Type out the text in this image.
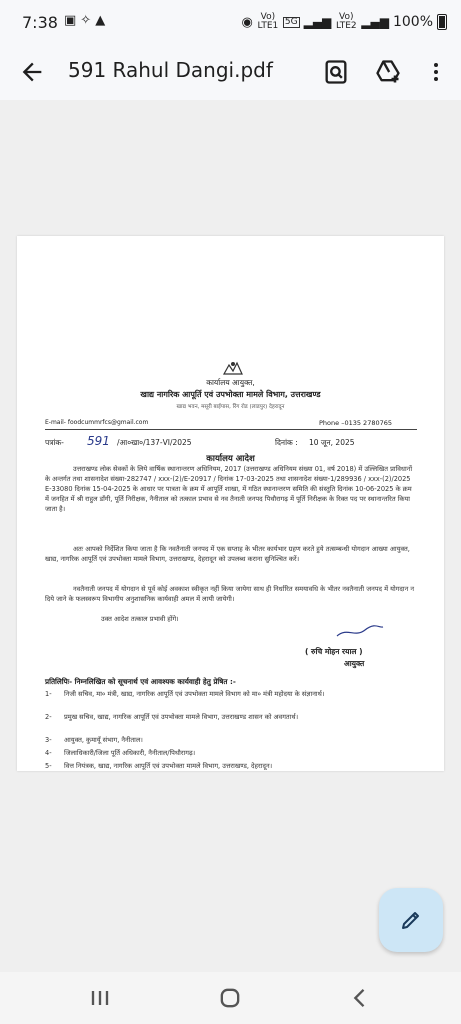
7:38 ▣✧▲	◉ Vo) LTE1 5G ▂▄▆ Vo) LTE2 ▂▄▆ 100%
591 Rahul Dangi.pdf
कार्यालय आयुक्त,
खाद्य नागरिक आपूर्ति एवं उपभोक्ता मामले विभाग, उत्तराखण्ड
खाद्य भवन, मसूरी बाईपास, रिंग रोड (लाडपुर) देहरादून
E-mail- foodcummrfcs@gmail.com	Phone –0135 2780765
पत्रांक- 591 /आ०खा०/137-VI/2025	दिनांक : 10 जून, 2025
कार्यालय आदेश
उत्तराखण्ड लोक सेवकों के लिये वार्षिक स्थानान्तरण अधिनियम, 2017 (उत्तराखण्ड अधिनियम संख्या 01, वर्ष 2018) में उल्लिखित प्राविधानों के अन्तर्गत तथा शासनादेश संख्या-282747 / xxx-(2)/E-20917 / दिनांक 17-03-2025 तथा शासनादेश संख्या-1/289936 / xxx-(2)/2025 E-33080 दिनांक 15-04-2025 के आधार पर पात्रता के क्रम में आपूर्ति शाखा, में गठित स्थानान्तरण समिति की संस्तुति दिनांक 10-06-2025 के क्रम में जनहित में श्री राहुल डाँगी, पूर्ति निरीक्षक, नैनीताल को तत्काल प्रभाव से नव तैनाती जनपद पिथौरागढ़ में पूर्ति निरीक्षक के रिक्त पद पर स्थानान्तरित किया जाता है।
अतः आपको निर्देशित किया जाता है कि नवतैनाती जनपद में एक सप्ताह के भीतर कार्यभार ग्रहण करते हुये तत्सम्बन्धी योगदान आख्या आयुक्त, खाद्य, नागरिक आपूर्ति एवं उपभोक्ता मामले विभाग, उत्तराखण्ड, देहरादून को उपलब्ध कराना सुनिश्चित करें।
नवतैनाती जनपद में योगदान से पूर्व कोई अवकाश स्वीकृत नहीं किया जायेगा साथ ही निर्धारित समयावधि के भीतर नवतैनाती जनपद में योगदान न दिये जाने के फलस्वरूप विभागीय अनुशासनिक कार्यवाही अमल में लायी जायेगी।
उक्त आदेश तत्काल प्रभावी होंगे।
( रुचि मोहन रयाल )
आयुक्त
प्रतिलिपिः- निम्नलिखित को सूचनार्थ एवं आवश्यक कार्यवाही हेतु प्रेषित :-
1- निजी सचिव, मा० मंत्री, खाद्य, नागरिक आपूर्ति एवं उपभोक्ता मामले विभाग को मा० मंत्री महोदया के संज्ञानार्थ।
2- प्रमुख सचिव, खाद्य, नागरिक आपूर्ति एवं उपभोक्ता मामले विभाग, उत्तराखण्ड शासन को अवगतार्थ।
3- आयुक्त, कुमायूँ संभाग, नैनीताल।
4- जिलाधिकारी/जिला पूर्ति अधिकारी, नैनीताल/पिथौरागढ़।
5- वित्त नियंत्रक, खाद्य, नागरिक आपूर्ति एवं उपभोक्ता मामले विभाग, उत्तराखण्ड, देहरादून।
